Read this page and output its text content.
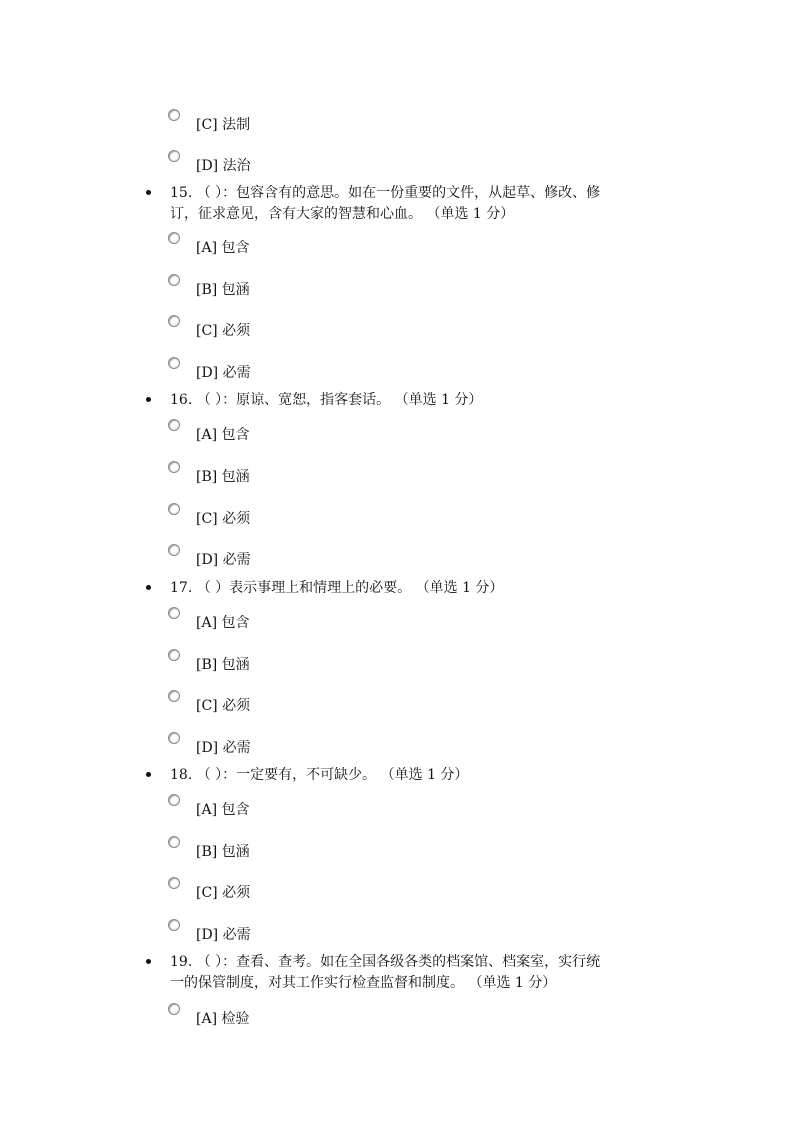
[C] 法制
[D] 法治
15. （ ）：包容含有的意思。如在一份重要的文件，从起草、修改、修
订，征求意见，含有大家的智慧和心血。 （单选 1 分）
[A] 包含
[B] 包涵
[C] 必须
[D] 必需
16. （ ）：原谅、宽恕，指客套话。 （单选 1 分）
[A] 包含
[B] 包涵
[C] 必须
[D] 必需
17. （ ）表示事理上和情理上的必要。 （单选 1 分）
[A] 包含
[B] 包涵
[C] 必须
[D] 必需
18. （ ）：一定要有，不可缺少。 （单选 1 分）
[A] 包含
[B] 包涵
[C] 必须
[D] 必需
19. （ ）：查看、查考。如在全国各级各类的档案馆、档案室，实行统
一的保管制度，对其工作实行检查监督和制度。 （单选 1 分）
[A] 检验
